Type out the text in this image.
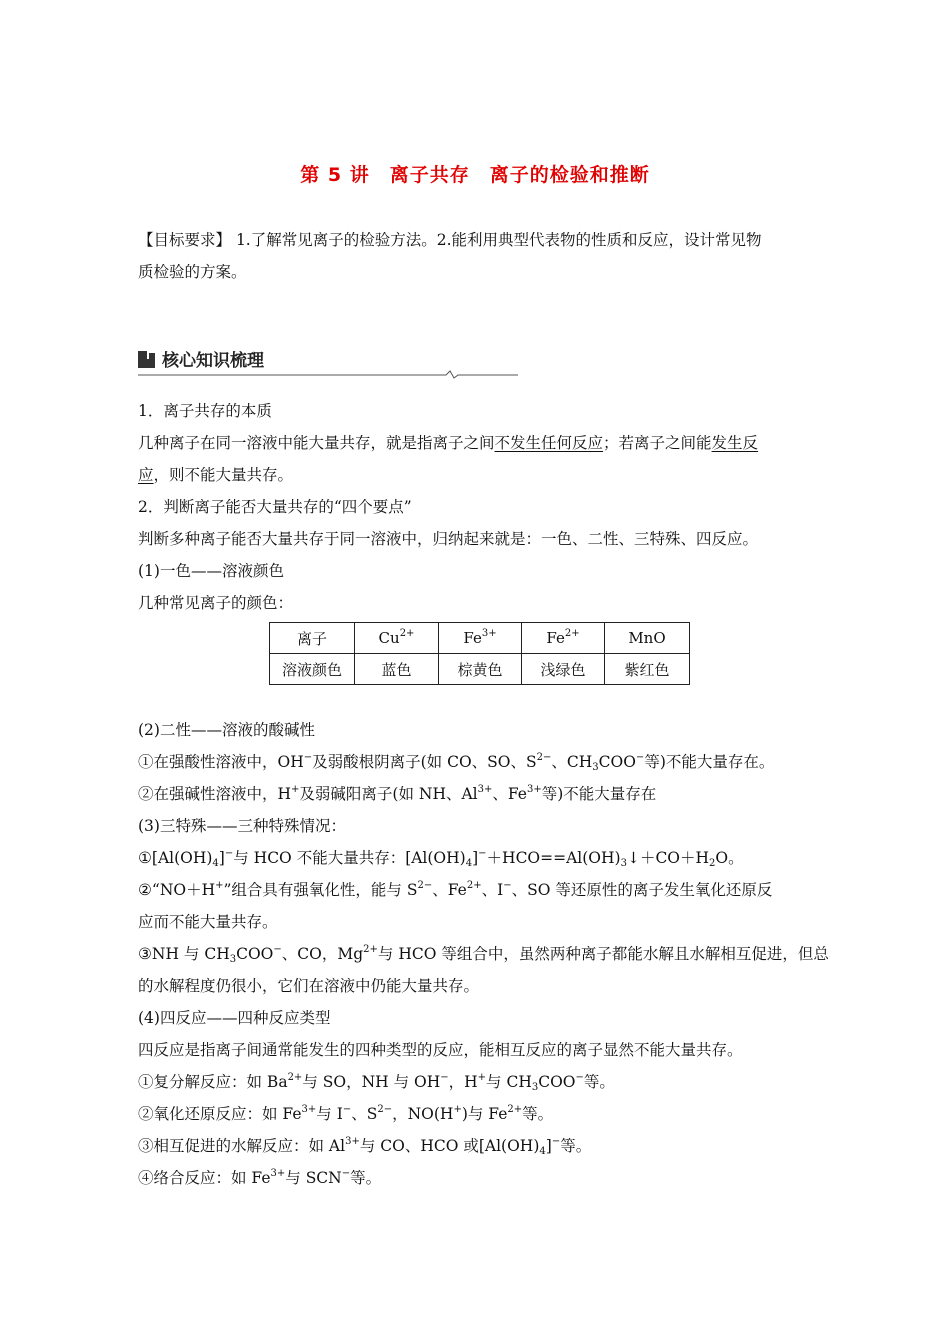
第 5 讲　离子共存　离子的检验和推断

【目标要求】 1.了解常见离子的检验方法。2.能利用典型代表物的性质和反应，设计常见物
质检验的方案。

核心知识梳理

1．离子共存的本质
几种离子在同一溶液中能大量共存，就是指离子之间不发生任何反应；若离子之间能发生反
应，则不能大量共存。
2．判断离子能否大量共存的“四个要点”
判断多种离子能否大量共存于同一溶液中，归纳起来就是：一色、二性、三特殊、四反应。
(1)一色——溶液颜色
几种常见离子的颜色：

离子	$Cu^{2+}$	$Fe^{3+}$	$Fe^{2+}$	MnO
溶液颜色	蓝色	棕黄色	浅绿色	紫红色

(2)二性——溶液的酸碱性
①在强酸性溶液中，OH−及弱酸根阴离子(如 CO、SO、$S^{2-}$、$CH_3COO^-$等)不能大量存在。
②在强碱性溶液中，H+及弱碱阳离子(如 NH、$Al^{3+}$、$Fe^{3+}$等)不能大量存在
(3)三特殊——三种特殊情况：
$①[Al(OH)_4]^-$与 HCO 不能大量共存：$[Al(OH)_4]^-+HCO==Al(OH)_3↓+CO+H_2O$。
②“NO＋H+”组合具有强氧化性，能与 $S^{2-}$、$Fe^{2+}$、I−、SO 等还原性的离子发生氧化还原反
应而不能大量共存。
③NH 与 $CH_3COO^-$、CO，$Mg^{2+}$与 HCO 等组合中，虽然两种离子都能水解且水解相互促进，但总
的水解程度仍很小，它们在溶液中仍能大量共存。
(4)四反应——四种反应类型
四反应是指离子间通常能发生的四种类型的反应，能相互反应的离子显然不能大量共存。
①复分解反应：如 $Ba^{2+}$与 SO，NH 与 OH−，H+与 $CH_3COO^-$等。
②氧化还原反应：如 $Fe^{3+}$与 I−、$S^{2-}$，NO(H+)与 $Fe^{2+}$等。
③相互促进的水解反应：如 $Al^{3+}$与 CO、HCO 或$[Al(OH)_4]^-$等。
④络合反应：如 $Fe^{3+}$与 SCN−等。
